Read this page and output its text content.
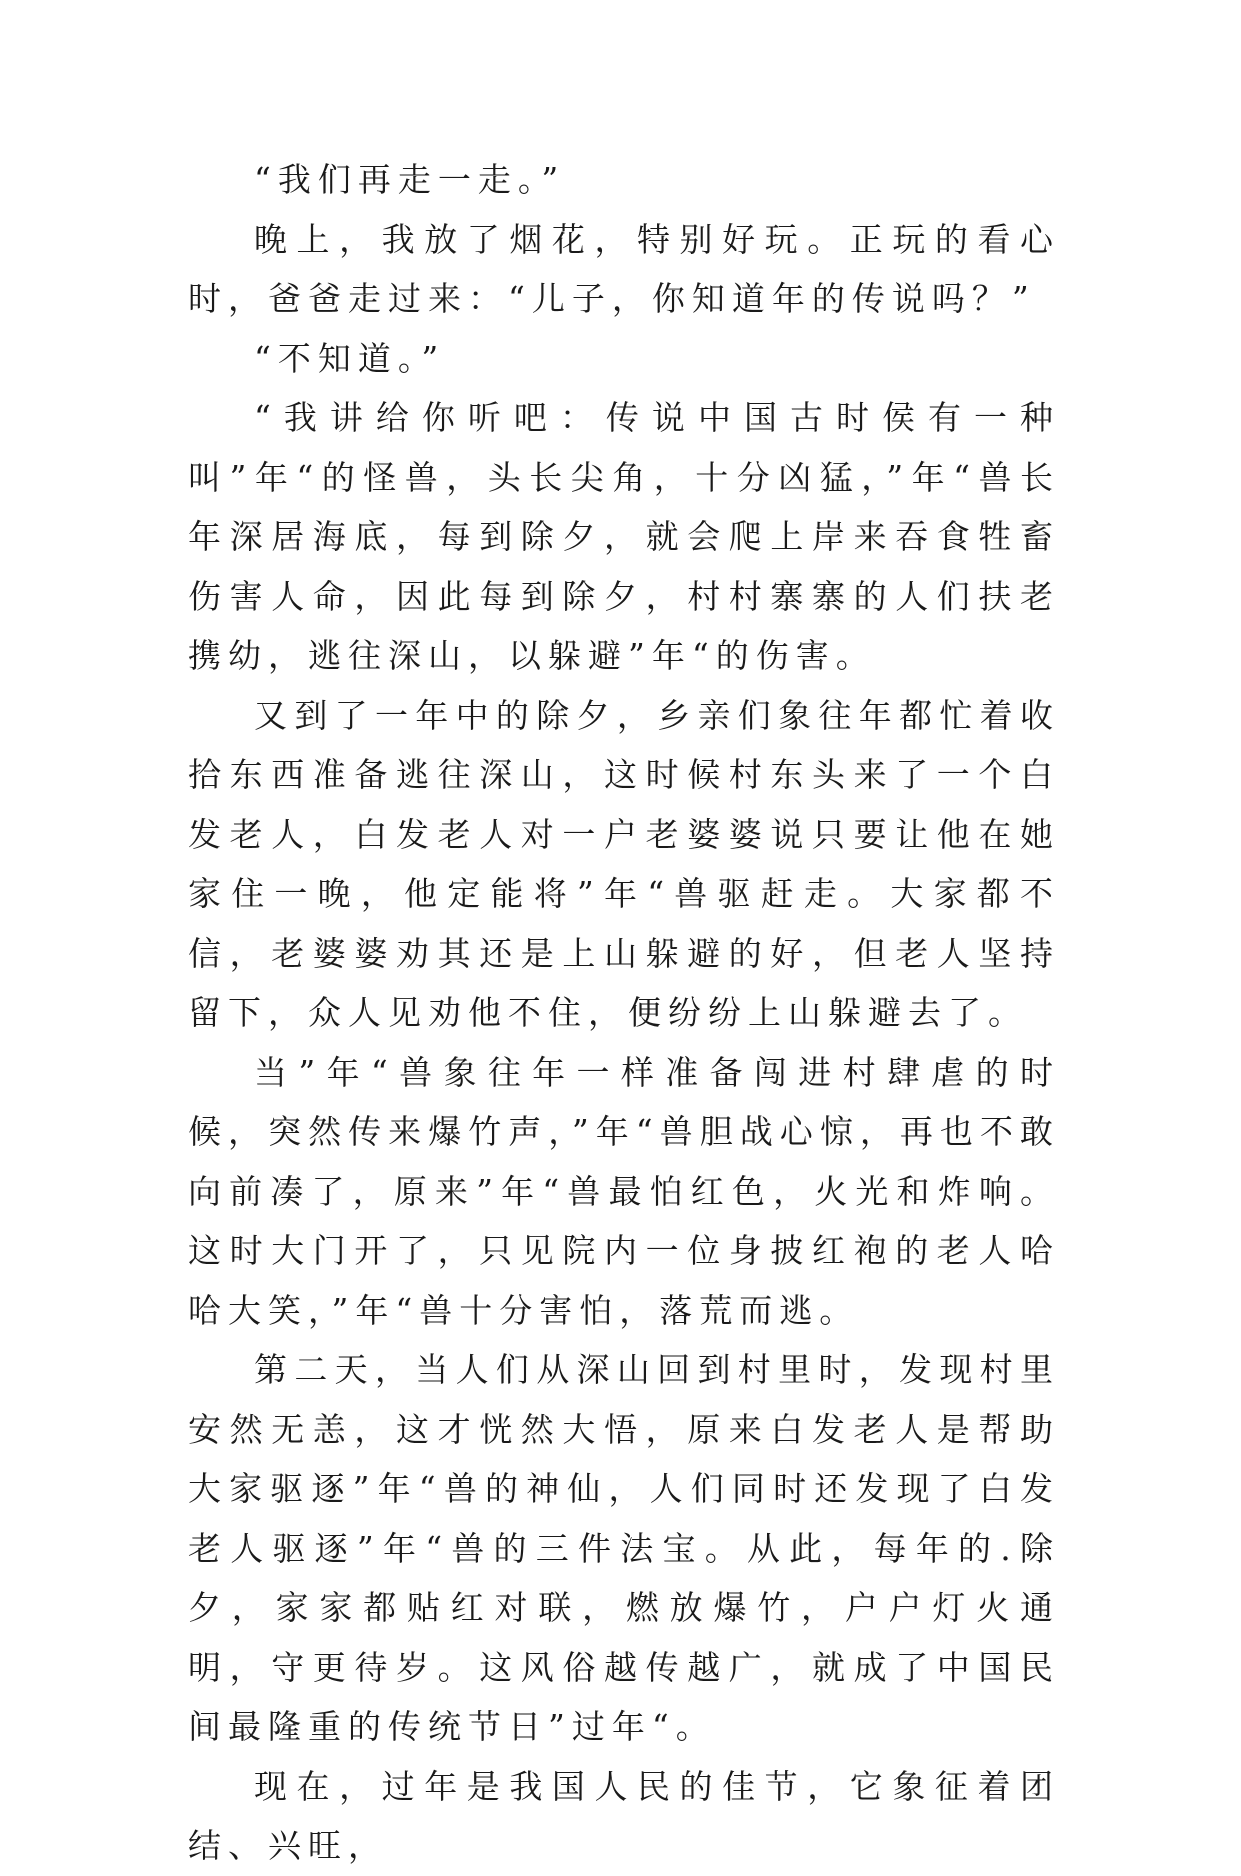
“我们再走一走。”

晚上，我放了烟花，特别好玩。正玩的看心时，爸爸走过来：“儿子，你知道年的传说吗？”

“不知道。”

“我讲给你听吧：传说中国古时侯有一种叫”年“的怪兽，头长尖角，十分凶猛，”年“兽长年深居海底，每到除夕，就会爬上岸来吞食牲畜伤害人命，因此每到除夕，村村寨寨的人们扶老携幼，逃往深山，以躲避”年“的伤害。

又到了一年中的除夕，乡亲们象往年都忙着收拾东西准备逃往深山，这时候村东头来了一个白发老人，白发老人对一户老婆婆说只要让他在她家住一晚，他定能将”年“兽驱赶走。大家都不信，老婆婆劝其还是上山躲避的好，但老人坚持留下，众人见劝他不住，便纷纷上山躲避去了。

当”年“兽象往年一样准备闯进村肆虐的时候，突然传来爆竹声，”年“兽胆战心惊，再也不敢向前凑了，原来”年“兽最怕红色，火光和炸响。这时大门开了，只见院内一位身披红袍的老人哈哈大笑，”年“兽十分害怕，落荒而逃。

第二天，当人们从深山回到村里时，发现村里安然无恙，这才恍然大悟，原来白发老人是帮助大家驱逐”年“兽的神仙，人们同时还发现了白发老人驱逐”年“兽的三件法宝。从此，每年的.除夕，家家都贴红对联，燃放爆竹，户户灯火通明，守更待岁。这风俗越传越广，就成了中国民间最隆重的传统节日”过年“。

现在，过年是我国人民的佳节，它象征着团结、兴旺，
